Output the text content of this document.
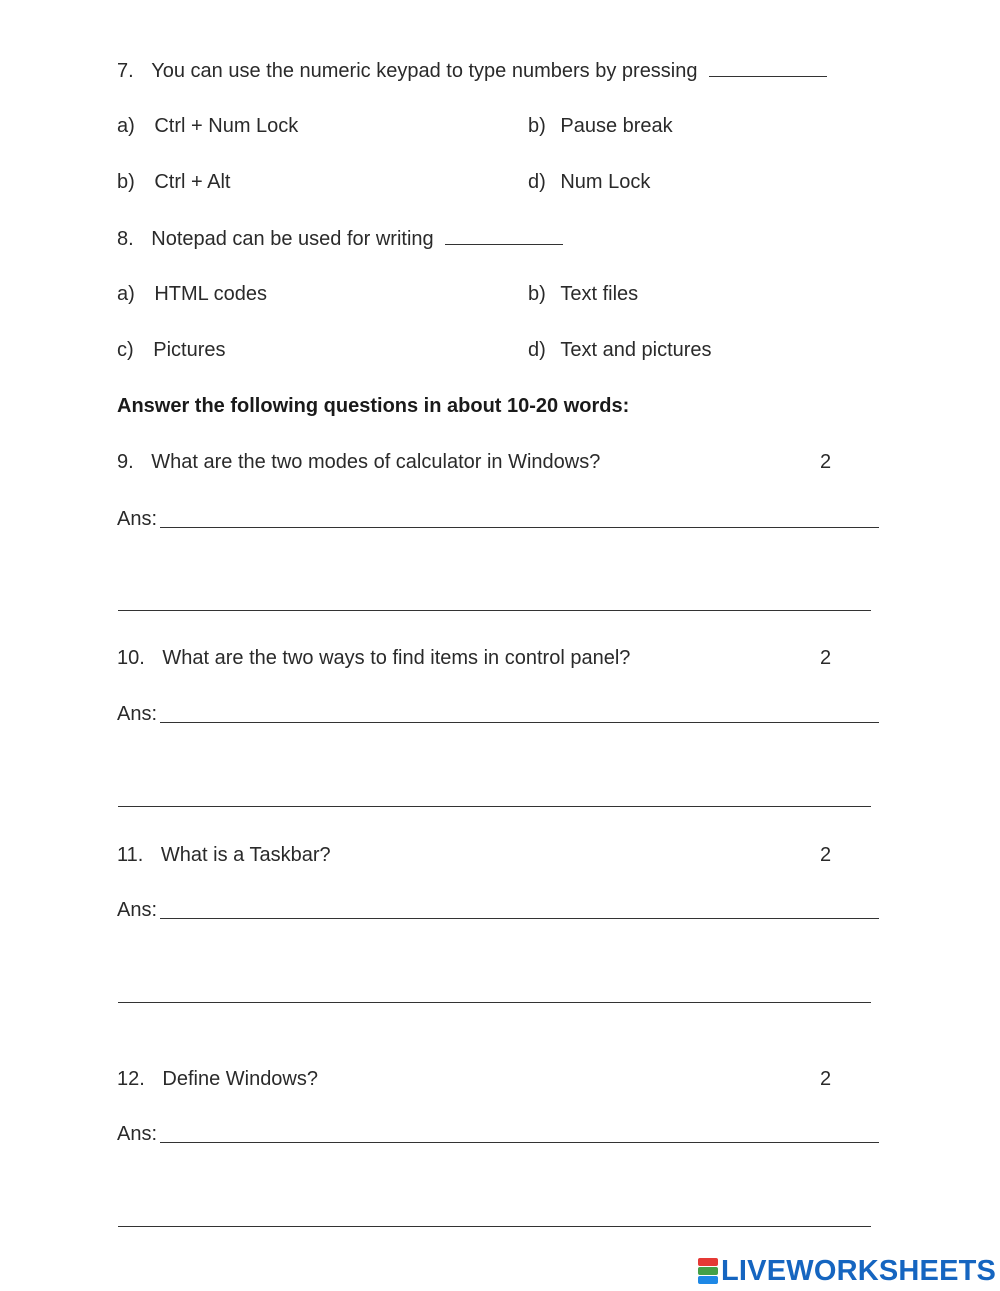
7. You can use the numeric keypad to type numbers by pressing
a) Ctrl + Num Lock	b) Pause break
b) Ctrl + Alt	d) Num Lock
8. Notepad can be used for writing
a) HTML codes	b) Text files
c) Pictures	d) Text and pictures
Answer the following questions in about 10-20 words:
9. What are the two modes of calculator in Windows?	2
Ans:
10. What are the two ways to find items in control panel?	2
Ans:
11. What is a Taskbar?	2
Ans:
12. Define Windows?	2
Ans:
LIVEWORKSHEETS
